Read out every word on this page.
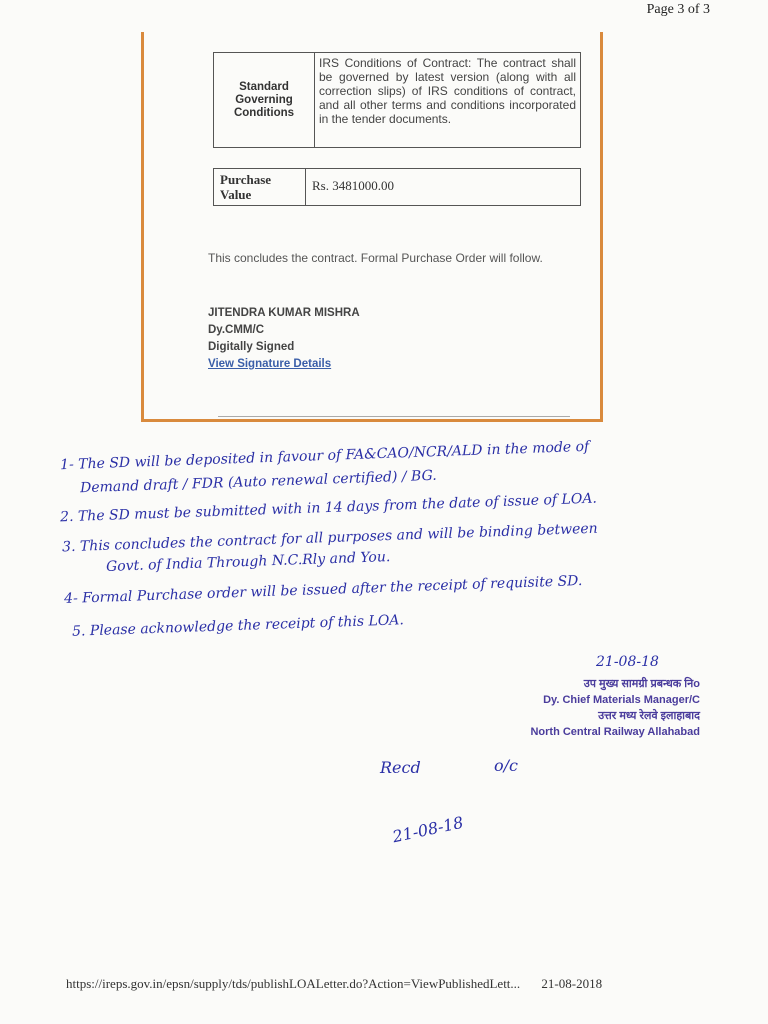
Page 3 of 3
Standard Governing Conditions
IRS Conditions of Contract: The contract shall be governed by latest version (along with all correction slips) of IRS conditions of contract, and all other terms and conditions incorporated in the tender documents.
Purchase Value
Rs. 3481000.00
This concludes the contract. Formal Purchase Order will follow.
JITENDRA KUMAR MISHRA
Dy.CMM/C
Digitally Signed
View Signature Details
1- The SD will be deposited in favour of FA&CAO/NCR/ALD in the mode of
Demand draft / FDR (Auto renewal certified) / BG.
2. The SD must be submitted with in 14 days from the date of issue of LOA.
3. This concludes the contract for all purposes and will be binding between
Govt. of India Through N.C.Rly and You.
4- Formal Purchase order will be issued after the receipt of requisite SD.
5. Please acknowledge the receipt of this LOA.
21-08-18
उप मुख्य सामग्री प्रबन्धक निo
Dy. Chief Materials Manager/C
उत्तर मध्य रेलवे इलाहाबाद
North Central Railway Allahabad
Recd	o/c
21-08-18
https://ireps.gov.in/epsn/supply/tds/publishLOALetter.do?Action=ViewPublishedLett... 21-08-2018
